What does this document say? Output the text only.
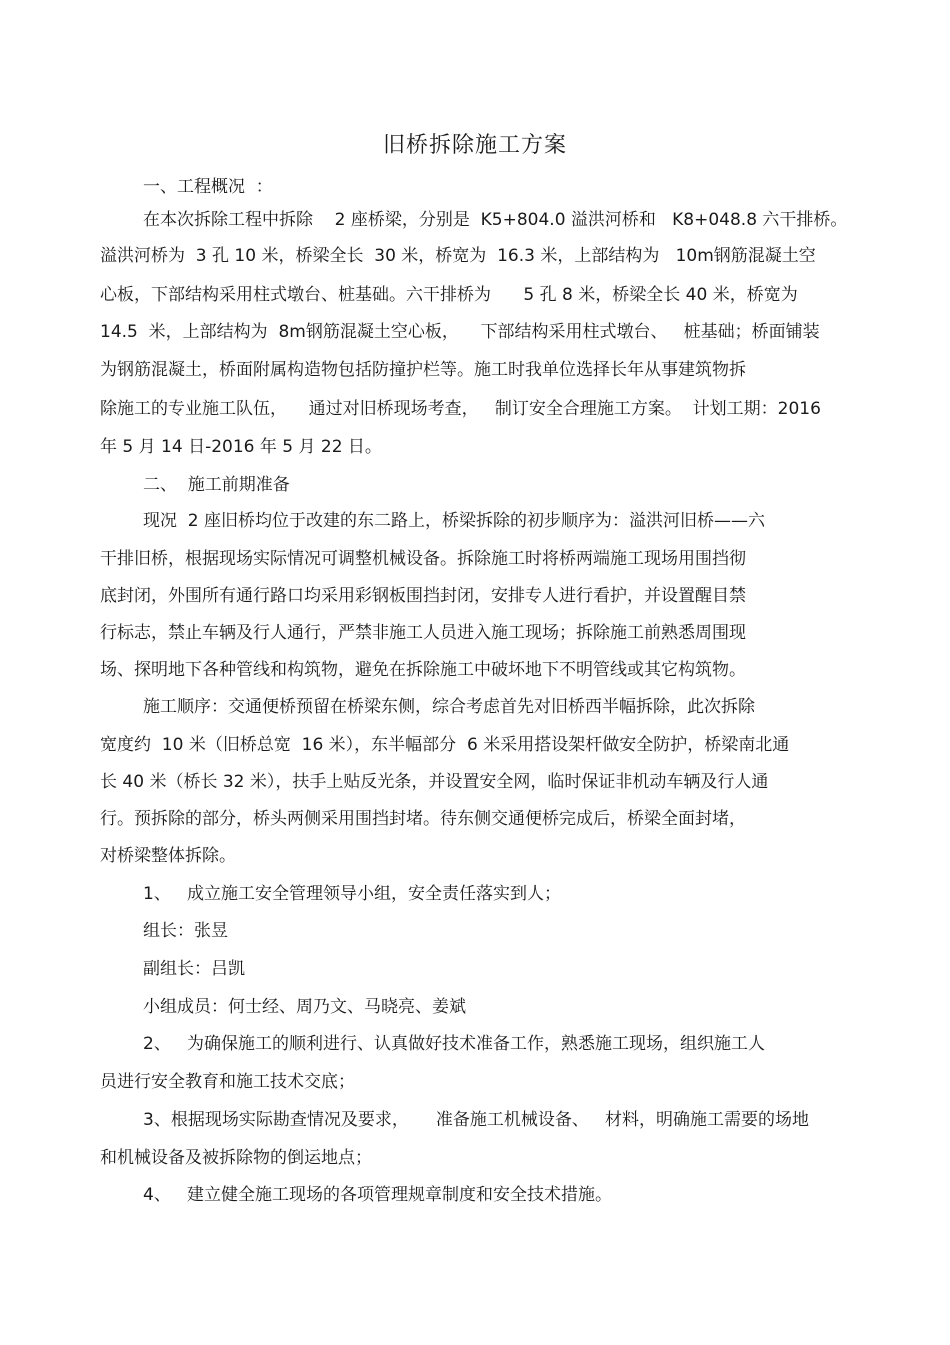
旧桥拆除施工方案
一、工程概况  ：
在本次拆除工程中拆除    2 座桥梁，分别是  K5+804.0 溢洪河桥和   K8+048.8 六干排桥。
溢洪河桥为  3 孔 10 米，桥梁全长  30 米，桥宽为  16.3 米，上部结构为   10m钢筋混凝土空
心板，下部结构采用柱式墩台、桩基础。六干排桥为      5 孔 8 米，桥梁全长 40 米，桥宽为
14.5  米，上部结构为  8m钢筋混凝土空心板，    下部结构采用柱式墩台、   桩基础；桥面铺装
为钢筋混凝土，桥面附属构造物包括防撞护栏等。施工时我单位选择长年从事建筑物拆
除施工的专业施工队伍，    通过对旧桥现场考查，   制订安全合理施工方案。  计划工期：2016
年 5 月 14 日-2016 年 5 月 22 日。
二、  施工前期准备
现况  2 座旧桥均位于改建的东二路上，桥梁拆除的初步顺序为：溢洪河旧桥——六
干排旧桥，根据现场实际情况可调整机械设备。拆除施工时将桥两端施工现场用围挡彻
底封闭，外围所有通行路口均采用彩钢板围挡封闭，安排专人进行看护，并设置醒目禁
行标志，禁止车辆及行人通行，严禁非施工人员进入施工现场；拆除施工前熟悉周围现
场、探明地下各种管线和构筑物，避免在拆除施工中破坏地下不明管线或其它构筑物。
施工顺序：交通便桥预留在桥梁东侧，综合考虑首先对旧桥西半幅拆除，此次拆除
宽度约  10 米（旧桥总宽  16 米），东半幅部分  6 米采用搭设架杆做安全防护，桥梁南北通
长 40 米（桥长 32 米），扶手上贴反光条，并设置安全网，临时保证非机动车辆及行人通
行。预拆除的部分，桥头两侧采用围挡封堵。待东侧交通便桥完成后，桥梁全面封堵，
对桥梁整体拆除。
1、   成立施工安全管理领导小组，安全责任落实到人；
组长：张昱
副组长：吕凯
小组成员：何士经、周乃文、马晓亮、姜斌
2、   为确保施工的顺利进行、认真做好技术准备工作，熟悉施工现场，组织施工人
员进行安全教育和施工技术交底；
3、根据现场实际勘查情况及要求，     准备施工机械设备、   材料，明确施工需要的场地
和机械设备及被拆除物的倒运地点；
4、   建立健全施工现场的各项管理规章制度和安全技术措施。
